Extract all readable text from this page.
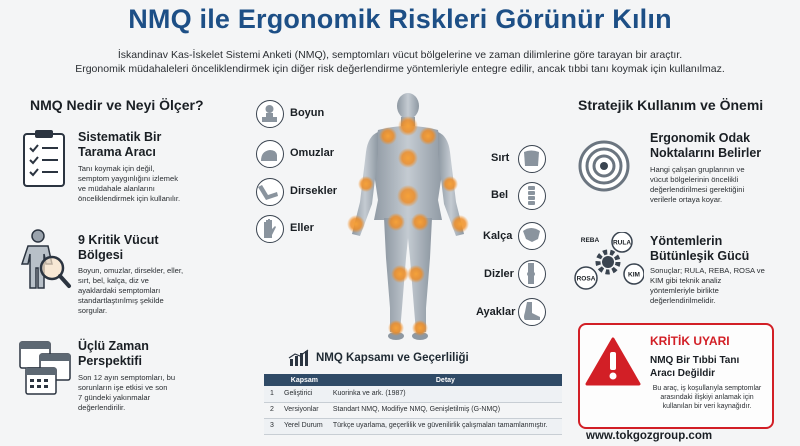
NMQ ile Ergonomik Riskleri Görünür Kılın
İskandinav Kas-İskelet Sistemi Anketi (NMQ), semptomları vücut bölgelerine ve zaman dilimlerine göre tarayan bir araçtır.
Ergonomik müdahaleleri önceliklendirmek için diğer risk değerlendirme yöntemleriyle entegre edilir, ancak tıbbi tanı koymak için kullanılmaz.
NMQ Nedir ve Neyi Ölçer?
Sistematik Bir
Tarama Aracı
Tanı koymak için değil,
semptom yaygınlığını izlemek
ve müdahale alanlarını
önceliklendirmek için kullanılır.
9 Kritik Vücut
Bölgesi
Boyun, omuzlar, dirsekler, eller,
sırt, bel, kalça, diz ve
ayaklardaki semptomları
standartlaştırılmış şekilde
sorgular.
Üçlü Zaman
Perspektifi
Son 12 ayın semptomları, bu
sorunların işe etkisi ve son
7 gündeki yakınmalar
değerlendirilir.
Boyun
Omuzlar
Dirsekler
Eller
Sırt
Bel
Kalça
Dizler
Ayaklar
NMQ Kapsamı ve Geçerliliği
	Kapsam	Detay
1	Geliştirici	Kuorinka ve ark. (1987)
2	Versiyonlar	Standart NMQ, Modifiye NMQ, Genişletilmiş (G-NMQ)
3	Yerel Durum	Türkçe uyarlama, geçerlilik ve güvenilirlik çalışmaları tamamlanmıştır.
Stratejik Kullanım ve Önemi
Ergonomik Odak
Noktalarını Belirler
Hangi çalışan gruplarının ve
vücut bölgelerinin öncelikli
değerlendirilmesi gerektiğini
verilerle ortaya koyar.
RULA
REBA
ROSA
KIM
Yöntemlerin
Bütünleşik Gücü
Sonuçlar; RULA, REBA, ROSA ve
KIM gibi teknik analiz
yöntemleriyle birlikte
değerlendirilmelidir.
KRİTİK UYARI
NMQ Bir Tıbbi Tanı
Aracı Değildir
Bu araç, iş koşullarıyla semptomlar
arasındaki ilişkiyi anlamak için
kullanılan bir veri kaynağıdır.
www.tokgozgroup.com
